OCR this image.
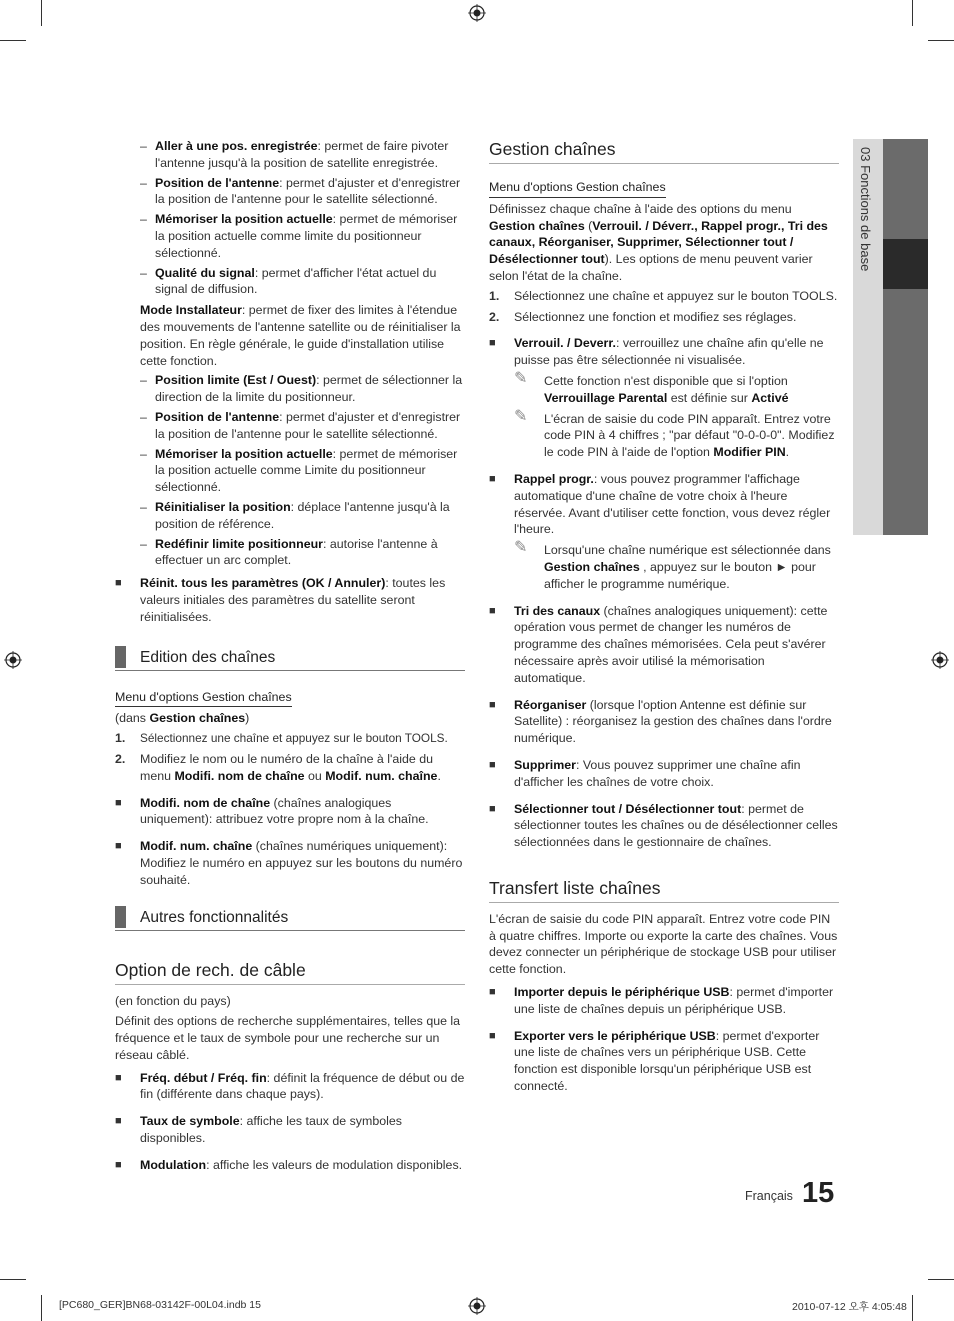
03 Fonctions de base
– Aller à une pos. enregistrée: permet de faire pivoter l'antenne jusqu'à la position de satellite enregistrée.
– Position de l'antenne: permet d'ajuster et d'enregistrer la position de l'antenne pour le satellite sélectionné.
– Mémoriser la position actuelle: permet de mémoriser la position actuelle comme limite du positionneur sélectionné.
– Qualité du signal: permet d'afficher l'état actuel du signal de diffusion.
Mode Installateur: permet de fixer des limites à l'étendue des mouvements de l'antenne satellite ou de réinitialiser la position. En règle générale, le guide d'installation utilise cette fonction.
– Position limite (Est / Ouest): permet de sélectionner la direction de la limite du positionneur.
– Position de l'antenne: permet d'ajuster et d'enregistrer la position de l'antenne pour le satellite sélectionné.
– Mémoriser la position actuelle: permet de mémoriser la position actuelle comme Limite du positionneur sélectionné.
– Réinitialiser la position: déplace l'antenne jusqu'à la position de référence.
– Redéfinir limite positionneur: autorise l'antenne à effectuer un arc complet.
■ Réinit. tous les paramètres (OK / Annuler): toutes les valeurs initiales des paramètres du satellite seront réinitialisées.
Edition des chaînes
Menu d'options Gestion chaînes
(dans Gestion chaînes)
1. Sélectionnez une chaîne et appuyez sur le bouton TOOLS.
2. Modifiez le nom ou le numéro de la chaîne à l'aide du menu Modifi. nom de chaîne ou Modif. num. chaîne.
■ Modifi. nom de chaîne (chaînes analogiques uniquement): attribuez votre propre nom à la chaîne.
■ Modif. num. chaîne (chaînes numériques uniquement): Modifiez le numéro en appuyez sur les boutons du numéro souhaité.
Autres fonctionnalités
Option de rech. de câble
(en fonction du pays)
Définit des options de recherche supplémentaires, telles que la fréquence et le taux de symbole pour une recherche sur un réseau câblé.
■ Fréq. début / Fréq. fin: définit la fréquence de début ou de fin (différente dans chaque pays).
■ Taux de symbole: affiche les taux de symboles disponibles.
■ Modulation: affiche les valeurs de modulation disponibles.
Gestion chaînes
Menu d'options Gestion chaînes
Définissez chaque chaîne à l'aide des options du menu Gestion chaînes (Verrouil. / Déverr., Rappel progr., Tri des canaux, Réorganiser, Supprimer, Sélectionner tout / Désélectionner tout). Les options de menu peuvent varier selon l'état de la chaîne.
1. Sélectionnez une chaîne et appuyez sur le bouton TOOLS.
2. Sélectionnez une fonction et modifiez ses réglages.
■ Verrouil. / Deverr.: verrouillez une chaîne afin qu'elle ne puisse pas être sélectionnée ni visualisée.
✎ Cette fonction n'est disponible que si l'option Verrouillage Parental est définie sur Activé
✎ L'écran de saisie du code PIN apparaît. Entrez votre code PIN à 4 chiffres ; "par défaut "0-0-0-0". Modifiez le code PIN à l'aide de l'option Modifier PIN.
■ Rappel progr.: vous pouvez programmer l'affichage automatique d'une chaîne de votre choix à l'heure réservée. Avant d'utiliser cette fonction, vous devez régler l'heure.
✎ Lorsqu'une chaîne numérique est sélectionnée dans Gestion chaînes , appuyez sur le bouton ► pour afficher le programme numérique.
■ Tri des canaux (chaînes analogiques uniquement): cette opération vous permet de changer les numéros de programme des chaînes mémorisées. Cela peut s'avérer nécessaire après avoir utilisé la mémorisation automatique.
■ Réorganiser (lorsque l'option Antenne est définie sur Satellite) : réorganisez la gestion des chaînes dans l'ordre numérique.
■ Supprimer: Vous pouvez supprimer une chaîne afin d'afficher les chaînes de votre choix.
■ Sélectionner tout / Désélectionner tout: permet de sélectionner toutes les chaînes ou de désélectionner celles sélectionnées dans le gestionnaire de chaînes.
Transfert liste chaînes
L'écran de saisie du code PIN apparaît. Entrez votre code PIN à quatre chiffres. Importe ou exporte la carte des chaînes. Vous devez connecter un périphérique de stockage USB pour utiliser cette fonction.
■ Importer depuis le périphérique USB: permet d'importer une liste de chaînes depuis un périphérique USB.
■ Exporter vers le périphérique USB: permet d'exporter une liste de chaînes vers un périphérique USB. Cette fonction est disponible lorsqu'un périphérique USB est connecté.
Français 15
[PC680_GER]BN68-03142F-00L04.indb 15	2010-07-12 오후 4:05:48
